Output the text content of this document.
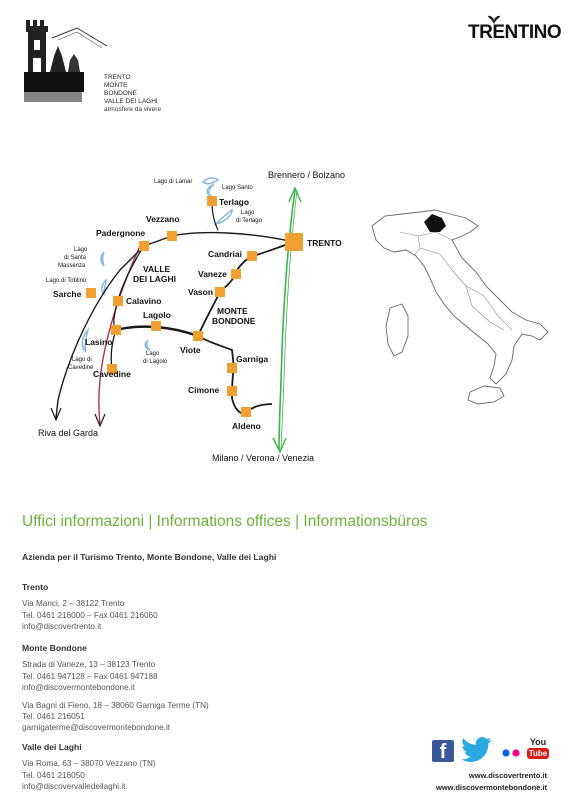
TRENTO
MONTE BONDONE
VALLE DEI LAGHI
atmosfere da vivere
TRENTINO
Brennero / Bolzano
Milano / Verona / Venezia
Riva del Garda
TRENTO
Terlago
Vezzano
Padergnone
Candriai
Vaneze
Vason
Sarche
Calavino
Lagolo
Lasino
Viote
Garniga
Cimone
Aldeno
Cavedine
VALLE
DEI LAGHI
MONTE
BONDONE
Lago di Lamar
Lago Santo
Lago
di Terlago
Lago
di Santa
Massenza
Lago di Toblino
Lago di
Cavedine
Lago
di Lagolo
Uffici informazioni | Informations offices | Informationsbüros
Azienda per il Turismo Trento, Monte Bondone, Valle dei Laghi
Trento
Via Manci, 2 – 38122 Trento
Tel. 0461 216000 – Fax 0461 216060
info@discovertrento.it
Monte Bondone
Strada di Vaneze, 13 – 38123 Trento
Tel. 0461 947128 – Fax 0461 947188
info@discovermontebondone.it
Via Bagni di Fieno, 18 – 38060 Garniga Terme (TN)
Tel. 0461 216051
garnigaterme@discovermontebondone.it
Valle dei Laghi
Via Roma, 63 – 38070 Vezzano (TN)
Tel. 0461 216050
info@discovervalledeilaghi.it
f	You
Tube
www.discovertrento.it
www.discovermontebondone.it
